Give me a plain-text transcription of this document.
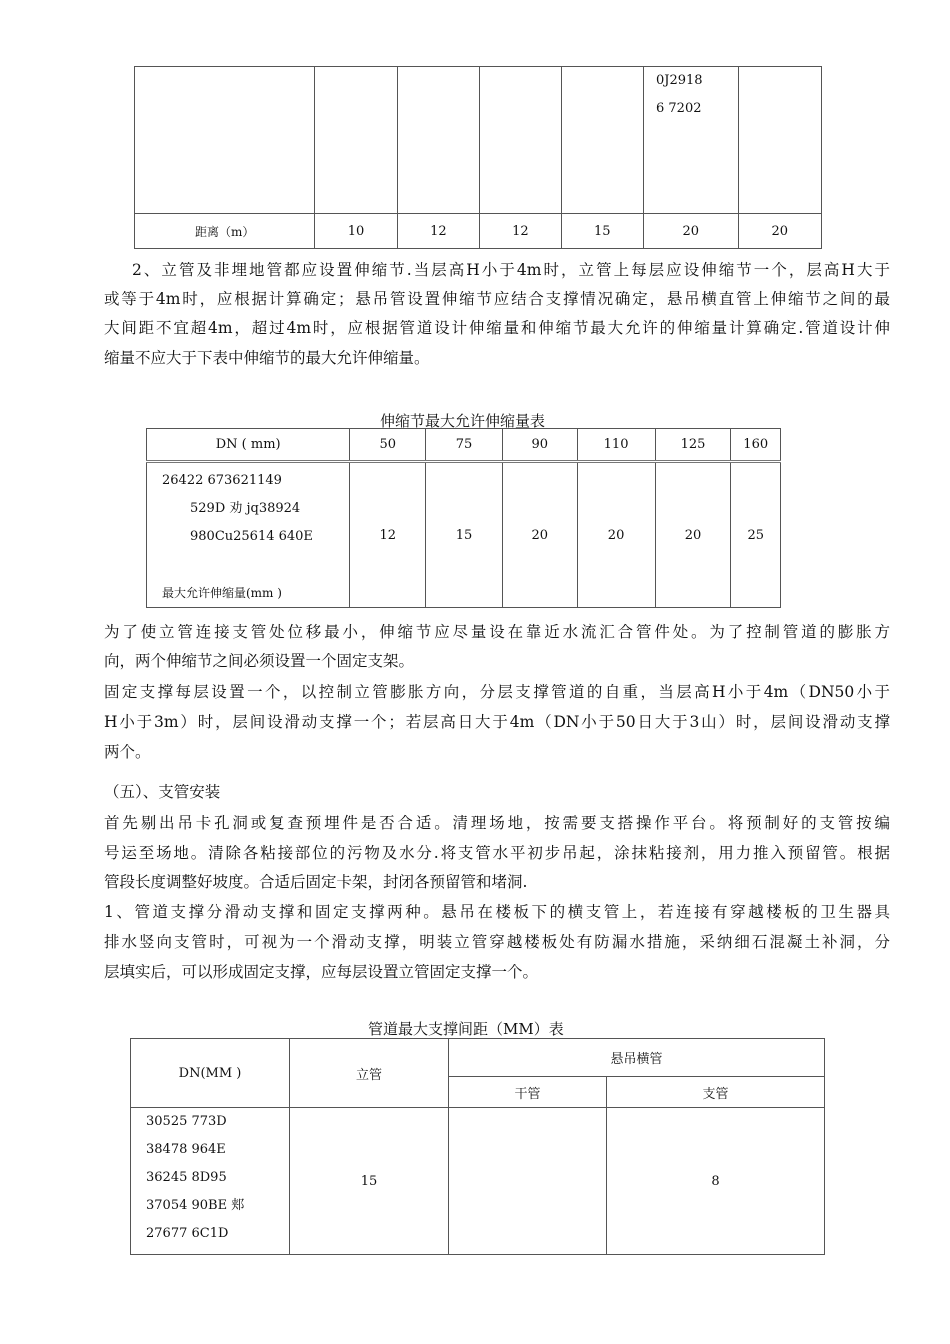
					0J2918
6 7202	

距离（m）	10	12	12	15	20	20
2、立管及非埋地管都应设置伸缩节.当层高H小于4m时，立管上每层应设伸缩节一个，层高H大于
或等于4m时，应根据计算确定；悬吊管设置伸缩节应结合支撑情况确定，悬吊横直管上伸缩节之间的最
大间距不宜超4m，超过4m时，应根据管道设计伸缩量和伸缩节最大允许的伸缩量计算确定.管道设计伸
缩量不应大于下表中伸缩节的最大允许伸缩量。
伸缩节最大允许伸缩量表
DN ( mm)	50	75	90	110	125	160

26422 673621149
529D 劝 jq38924
980Cu25614 640E
最大允许伸缩量(mm )	12	15	20	20	20	25
为了使立管连接支管处位移最小，伸缩节应尽量设在靠近水流汇合管件处。为了控制管道的膨胀方
向，两个伸缩节之间必须设置一个固定支架。
固定支撑每层设置一个，以控制立管膨胀方向，分层支撑管道的自重，当层高H小于4m（DN50小于
H小于3m）时，层间设滑动支撑一个；若层高日大于4m（DN小于50日大于3山）时，层间设滑动支撑
两个。
（五）、支管安装
首先剔出吊卡孔洞或复查预埋件是否合适。清理场地，按需要支搭操作平台。将预制好的支管按编
号运至场地。清除各粘接部位的污物及水分.将支管水平初步吊起，涂抹粘接剂，用力推入预留管。根据
管段长度调整好坡度。合适后固定卡架，封闭各预留管和堵洞.
1、管道支撑分滑动支撑和固定支撑两种。悬吊在楼板下的横支管上，若连接有穿越楼板的卫生器具
排水竖向支管时，可视为一个滑动支撑，明装立管穿越楼板处有防漏水措施，采纳细石混凝土补洞，分
层填实后，可以形成固定支撑，应每层设置立管固定支撑一个。
管道最大支撑间距（MM）表
DN(MM )	立管	悬吊横管	
		干管	支管

30525 773D
38478 964E
36245 8D95
37054 90BE 郏
27677 6C1D	15		8
